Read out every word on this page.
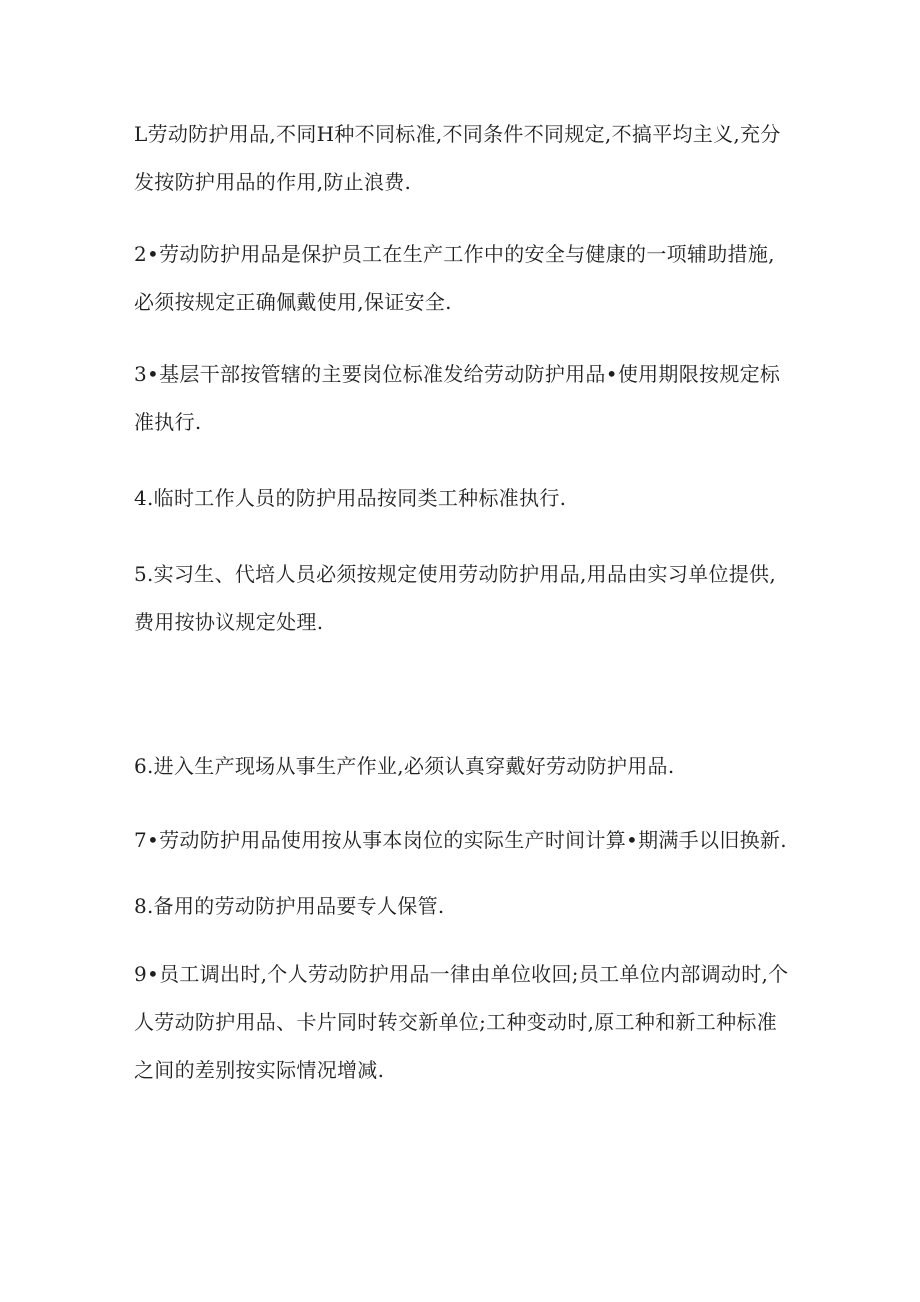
L劳动防护用品,不同H种不同标准,不同条件不同规定,不搞平均主义,充分发按防护用品的作用,防止浪费.

2•劳动防护用品是保护员工在生产工作中的安全与健康的一项辅助措施,必须按规定正确佩戴使用,保证安全.

3•基层干部按管辖的主要岗位标准发给劳动防护用品•使用期限按规定标准执行.

4.临时工作人员的防护用品按同类工种标准执行.

5.实习生、代培人员必须按规定使用劳动防护用品,用品由实习单位提供,费用按协议规定处理.

6.进入生产现场从事生产作业,必须认真穿戴好劳动防护用品.

7•劳动防护用品使用按从事本岗位的实际生产时间计算•期满手以旧换新.

8.备用的劳动防护用品要专人保管.

9•员工调出时,个人劳动防护用品一律由单位收回;员工单位内部调动时,个人劳动防护用品、卡片同时转交新单位;工种变动时,原工种和新工种标准之间的差别按实际情况增减.
